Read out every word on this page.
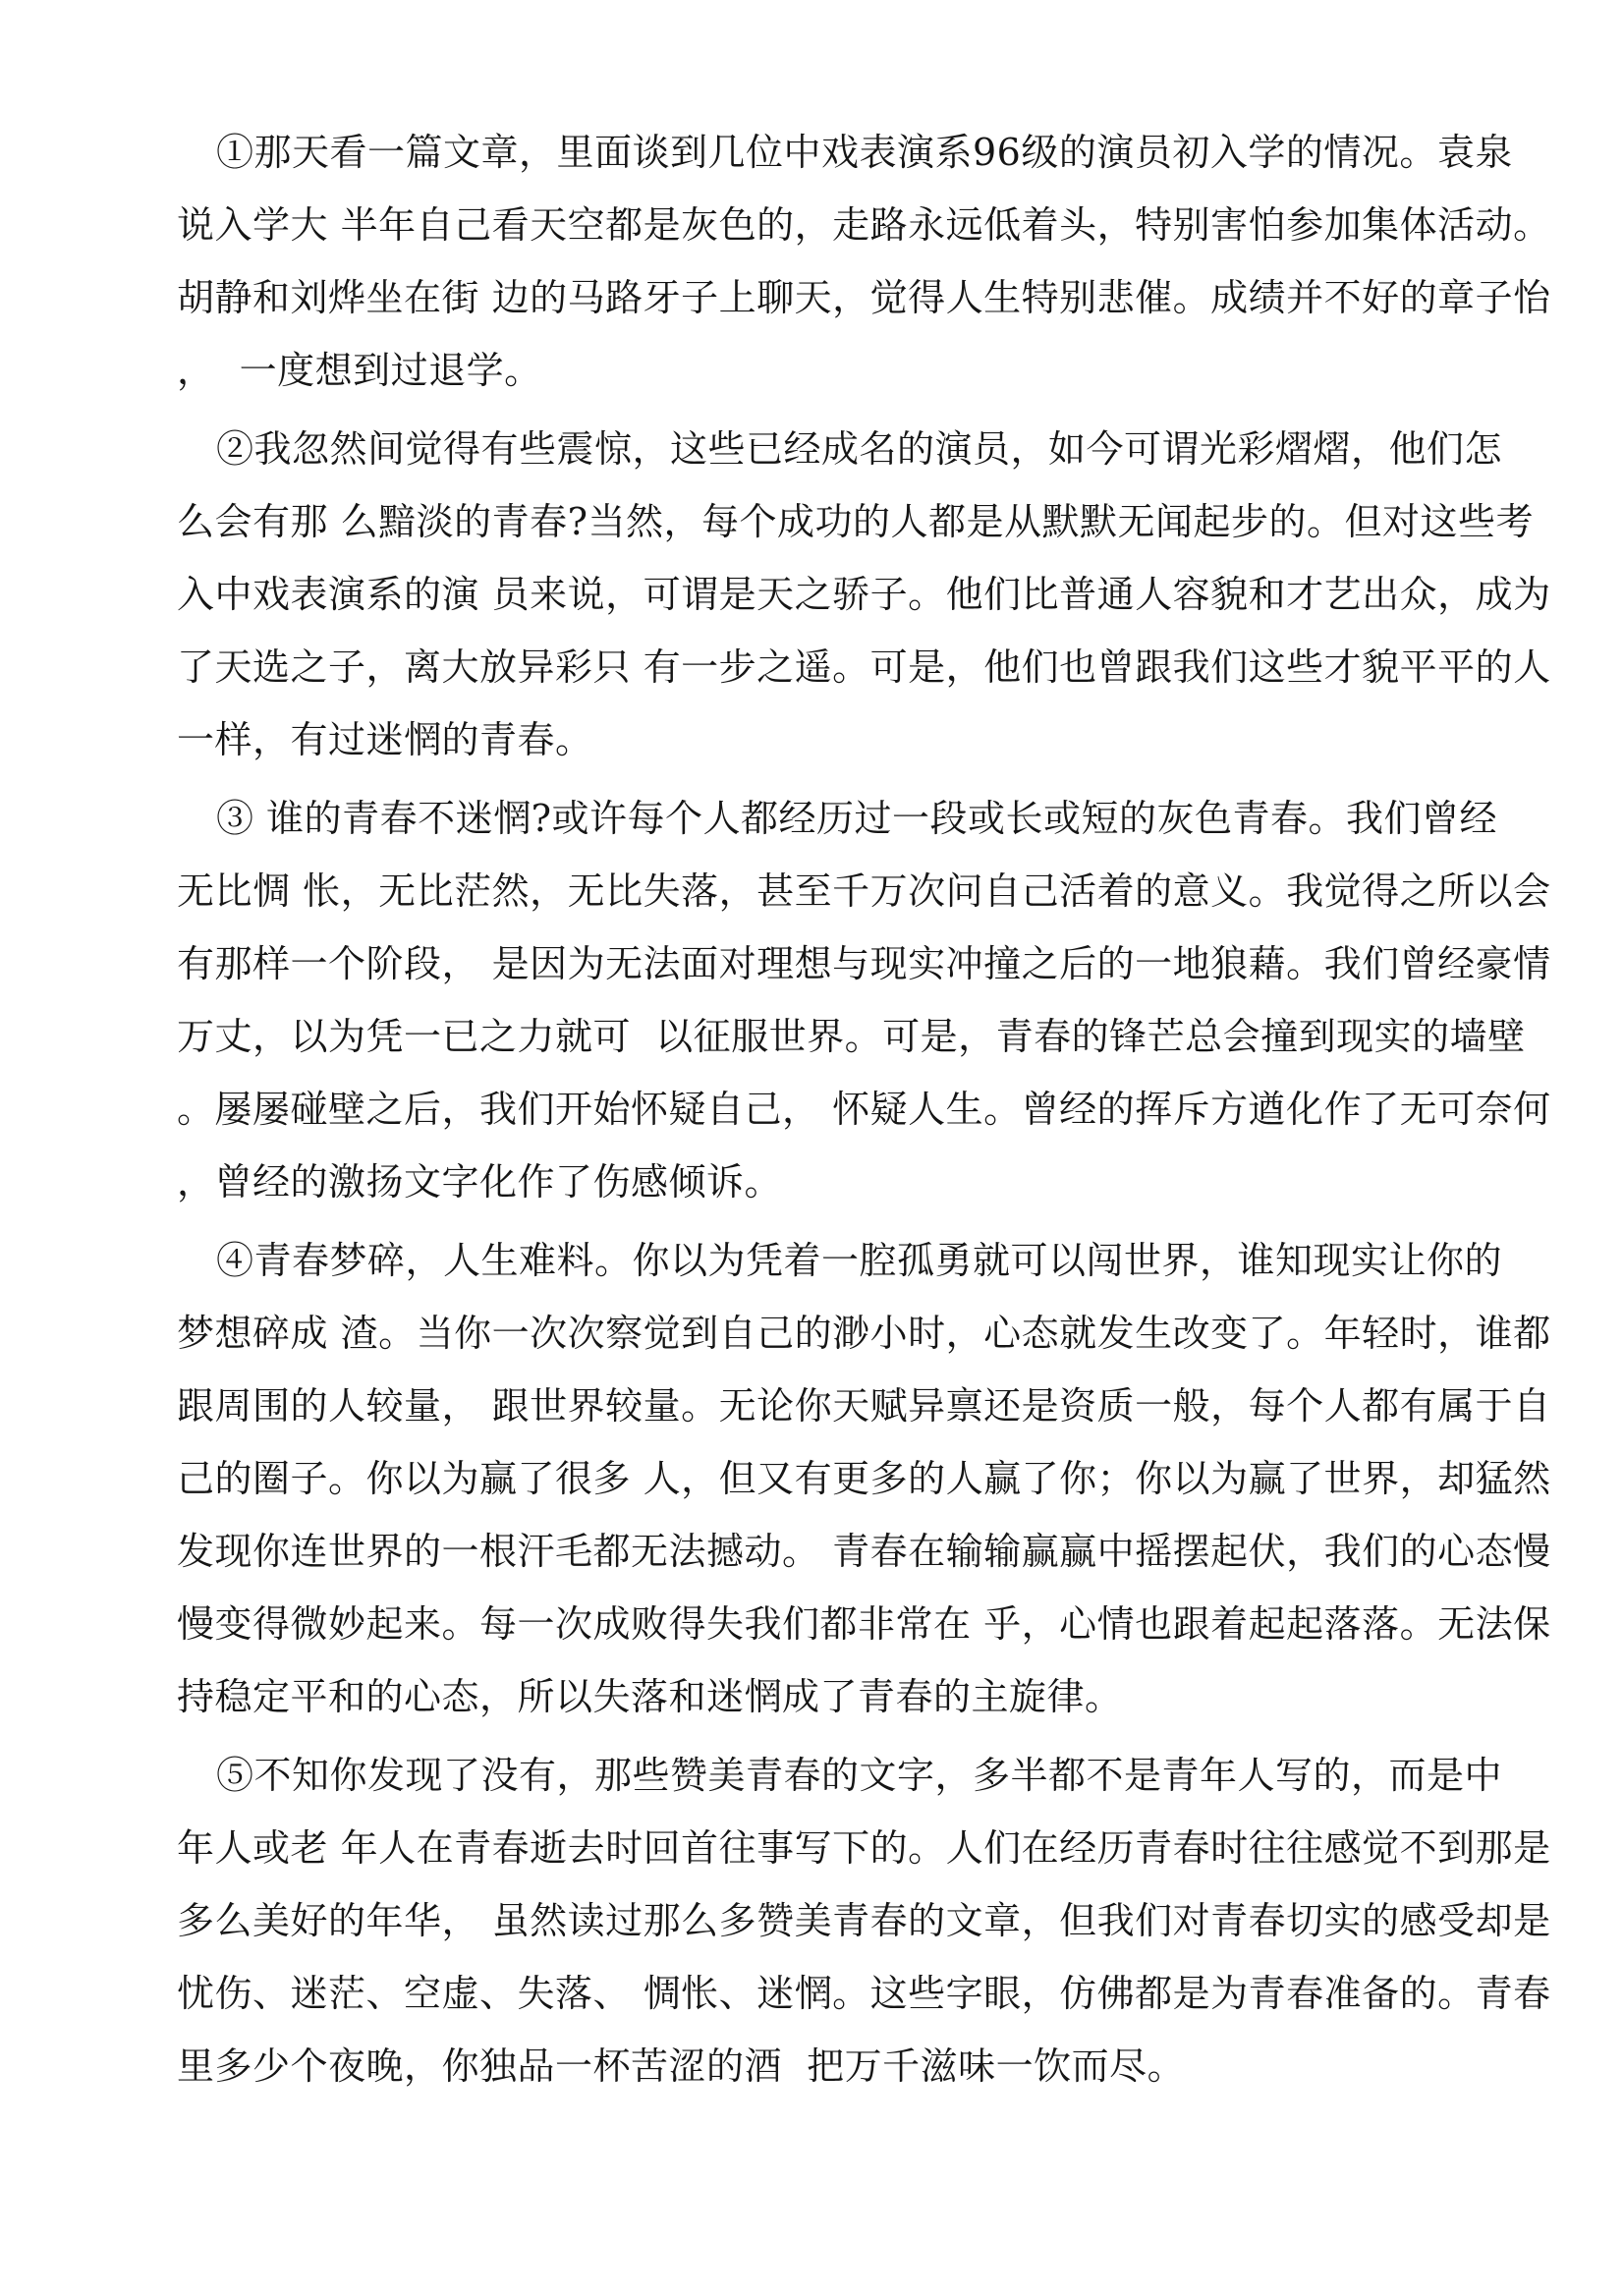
①那天看一篇文章，里面谈到几位中戏表演系96级的演员初入学的情况。袁泉
说入学大 半年自己看天空都是灰色的，走路永远低着头，特别害怕参加集体活动。
胡静和刘烨坐在街 边的马路牙子上聊天，觉得人生特别悲催。成绩并不好的章子怡
，  一度想到过退学。
②我忽然间觉得有些震惊，这些已经成名的演员，如今可谓光彩熠熠，他们怎
么会有那 么黯淡的青春?当然，每个成功的人都是从默默无闻起步的。但对这些考
入中戏表演系的演 员来说，可谓是天之骄子。他们比普通人容貌和才艺出众，成为
了天选之子，离大放异彩只 有一步之遥。可是，他们也曾跟我们这些才貌平平的人
一样，有过迷惘的青春。
③ 谁的青春不迷惘?或许每个人都经历过一段或长或短的灰色青春。我们曾经
无比惆 怅，无比茫然，无比失落，甚至千万次问自己活着的意义。我觉得之所以会
有那样一个阶段， 是因为无法面对理想与现实冲撞之后的一地狼藉。我们曾经豪情
万丈，以为凭一已之力就可  以征服世界。可是，青春的锋芒总会撞到现实的墙壁
。屡屡碰壁之后，我们开始怀疑自己， 怀疑人生。曾经的挥斥方遒化作了无可奈何
，曾经的激扬文字化作了伤感倾诉。
④青春梦碎，人生难料。你以为凭着一腔孤勇就可以闯世界，谁知现实让你的
梦想碎成 渣。当你一次次察觉到自己的渺小时，心态就发生改变了。年轻时，谁都
跟周围的人较量， 跟世界较量。无论你天赋异禀还是资质一般，每个人都有属于自
己的圈子。你以为赢了很多 人，但又有更多的人赢了你；你以为赢了世界，却猛然
发现你连世界的一根汗毛都无法撼动。 青春在输输赢赢中摇摆起伏，我们的心态慢
慢变得微妙起来。每一次成败得失我们都非常在 乎，心情也跟着起起落落。无法保
持稳定平和的心态，所以失落和迷惘成了青春的主旋律。
⑤不知你发现了没有，那些赞美青春的文字，多半都不是青年人写的，而是中
年人或老 年人在青春逝去时回首往事写下的。人们在经历青春时往往感觉不到那是
多么美好的年华， 虽然读过那么多赞美青春的文章，但我们对青春切实的感受却是
忧伤、迷茫、空虚、失落、 惆怅、迷惘。这些字眼，仿佛都是为青春准备的。青春
里多少个夜晚，你独品一杯苦涩的酒  把万千滋味一饮而尽。
